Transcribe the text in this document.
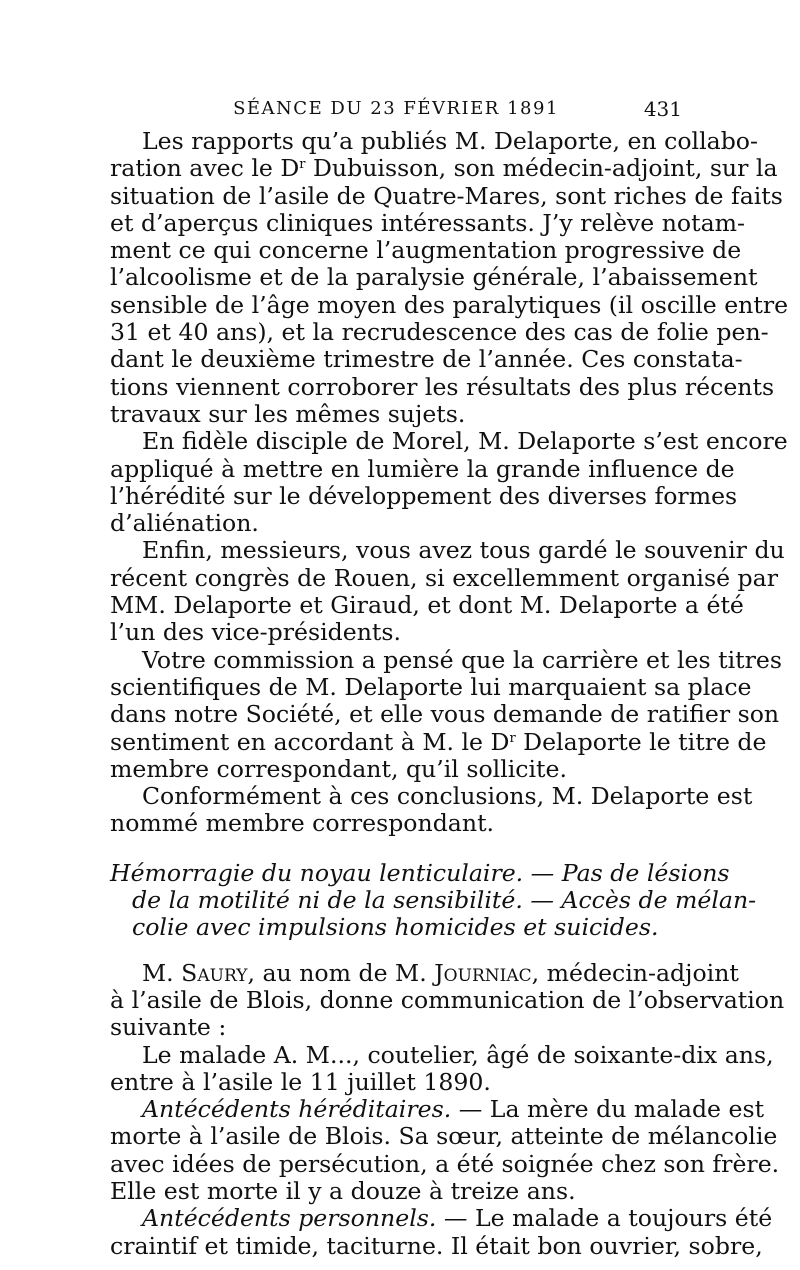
SÉANCE DU 23 FÉVRIER 1891	431
Les rapports qu’a publiés M. Delaporte, en collabo-
ration avec le $D^r$ Dubuisson, son médecin-adjoint, sur la
situation de l’asile de Quatre-Mares, sont riches de faits
et d’aperçus cliniques intéressants. J’y relève notam-
ment ce qui concerne l’augmentation progressive de
l’alcoolisme et de la paralysie générale, l’abaissement
sensible de l’âge moyen des paralytiques (il oscille entre
31 et 40 ans), et la recrudescence des cas de folie pen-
dant le deuxième trimestre de l’année. Ces constata-
tions viennent corroborer les résultats des plus récents
travaux sur les mêmes sujets.
En fidèle disciple de Morel, M. Delaporte s’est encore
appliqué à mettre en lumière la grande influence de
l’hérédité sur le développement des diverses formes
d’aliénation.
Enfin, messieurs, vous avez tous gardé le souvenir du
récent congrès de Rouen, si excellemment organisé par
MM. Delaporte et Giraud, et dont M. Delaporte a été
l’un des vice-présidents.
Votre commission a pensé que la carrière et les titres
scientifiques de M. Delaporte lui marquaient sa place
dans notre Société, et elle vous demande de ratifier son
sentiment en accordant à M. le $D^r$ Delaporte le titre de
membre correspondant, qu’il sollicite.
Conformément à ces conclusions, M. Delaporte est
nommé membre correspondant.
Hémorragie du noyau lenticulaire. — Pas de lésions
de la motilité ni de la sensibilité. — Accès de mélan-
colie avec impulsions homicides et suicides.
M. Saury, au nom de M. Journiac, médecin-adjoint
à l’asile de Blois, donne communication de l’observation
suivante :
Le malade A. M..., coutelier, âgé de soixante-dix ans,
entre à l’asile le 11 juillet 1890.
Antécédents héréditaires. — La mère du malade est
morte à l’asile de Blois. Sa sœur, atteinte de mélancolie
avec idées de persécution, a été soignée chez son frère.
Elle est morte il y a douze à treize ans.
Antécédents personnels. — Le malade a toujours été
craintif et timide, taciturne. Il était bon ouvrier, sobre,
